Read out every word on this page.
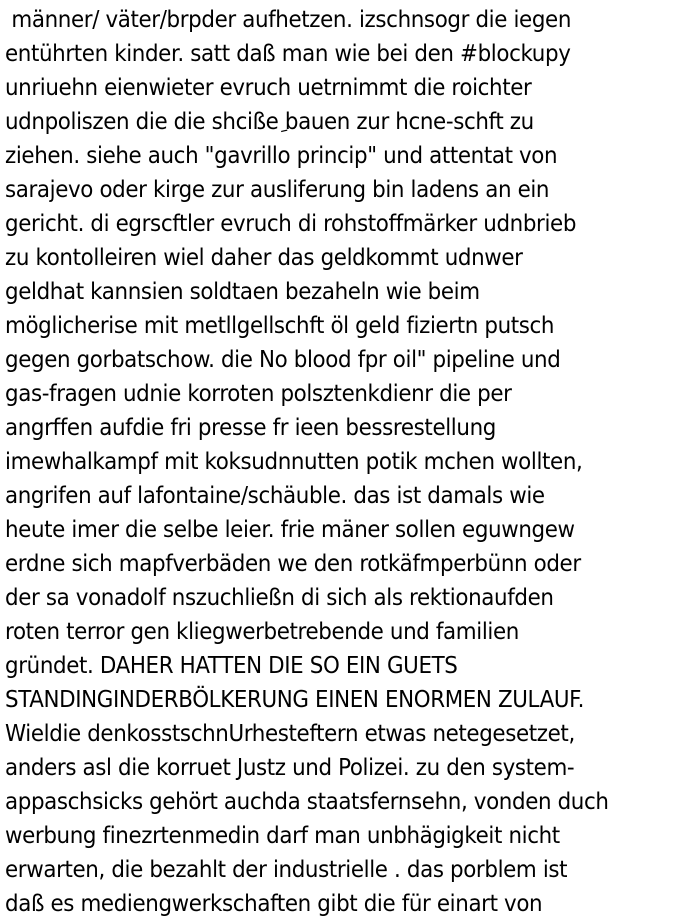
männer/ väter/brpder aufhetzen. izschnsogr die iegen
entührten kinder. satt daß man wie bei den #blockupy
unriuehn eienwieter evruch uetrnimmt die roichter
udnpoliszen die die shcißeِ bauen zur hcne-schft zu
ziehen. siehe auch "gavrillo princip" und attentat von
sarajevo oder kirge zur ausliferung bin ladens an ein
gericht. di egrscftler evruch di rohstoffmärker udnbrieb
zu kontolleiren wiel daher das geldkommt udnwer
geldhat kannsien soldtaen bezaheln wie beim
möglicherise mit metllgellschft öl geld fiziertn putsch
gegen gorbatschow. die No blood fpr oil" pipeline und
gas-fragen udnie korroten polsztenkdienr die per
angrffen aufdie fri presse fr ieen bessrestellung
imewhalkampf mit koksudnnutten potik mchen wollten,
angrifen auf lafontaine/schäuble. das ist damals wie
heute imer die selbe leier. frie mäner sollen eguwngew
erdne sich mapfverbäden we den rotkäfmperbünn oder
der sa vonadolf nszuchließn di sich als rektionaufden
roten terror gen kliegwerbetrebende und familien
gründet. DAHER HATTEN DIE SO EIN GUETS
STANDINGINDERBÖLKERUNG EINEN ENORMEN ZULAUF.
Wieldie denkosstschnUrhesteftern etwas netegesetzet,
anders asl die korruet Justz und Polizei. zu den system-
appaschsicks gehört auchda staatsfernsehn, vonden duch
werbung finezrtenmedin darf man unbhägigkeit nicht
erwarten, die bezahlt der industrielle . das porblem ist
daß es mediengwerkschaften gibt die für einart von
